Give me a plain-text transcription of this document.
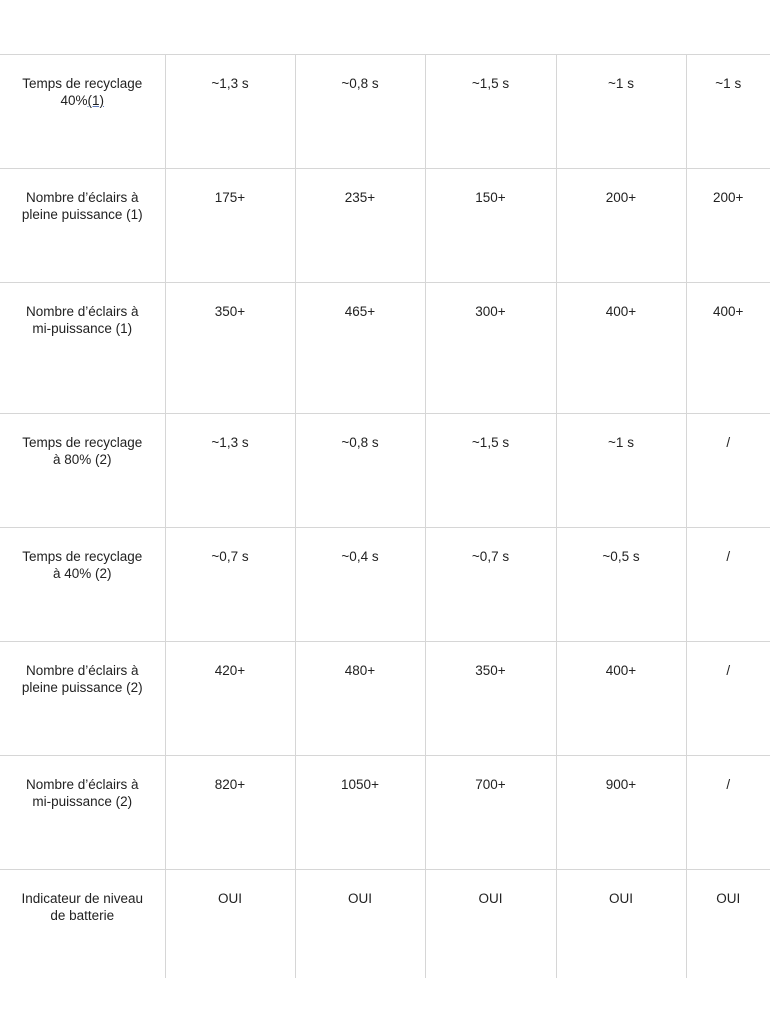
Temps de recyclage
40%(1)	~1,3 s	~0,8 s	~1,5 s	~1 s	~1 s
Nombre d’éclairs à
pleine puissance (1)	175+	235+	150+	200+	200+
Nombre d’éclairs à
mi-puissance (1)	350+	465+	300+	400+	400+
Temps de recyclage
à 80% (2)	~1,3 s	~0,8 s	~1,5 s	~1 s	/
Temps de recyclage
à 40% (2)	~0,7 s	~0,4 s	~0,7 s	~0,5 s	/
Nombre d’éclairs à
pleine puissance (2)	420+	480+	350+	400+	/
Nombre d’éclairs à
mi-puissance (2)	820+	1050+	700+	900+	/
Indicateur de niveau
de batterie	OUI	OUI	OUI	OUI	OUI
